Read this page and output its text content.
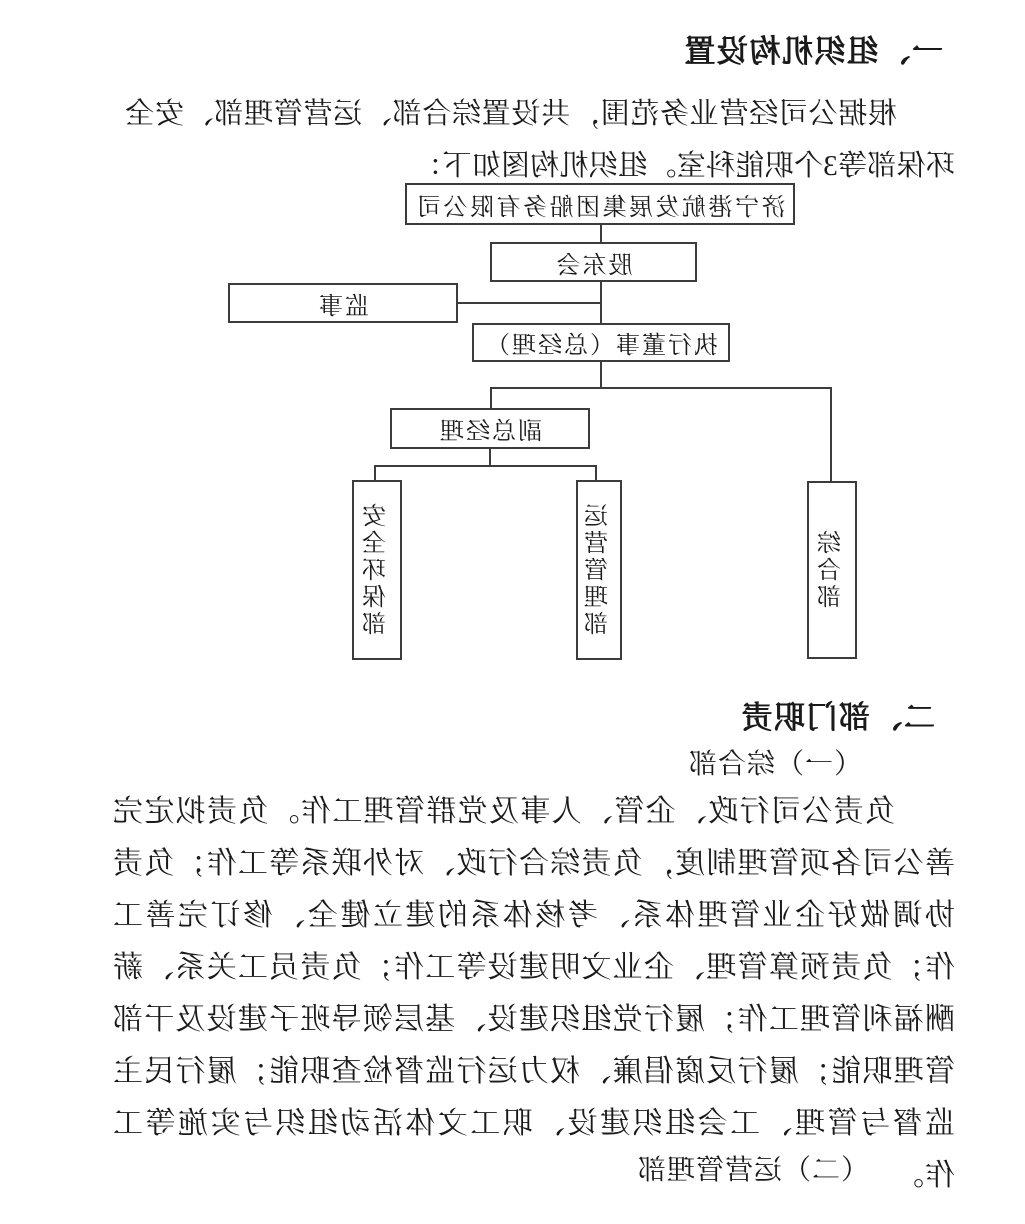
一、组织机构设置
根据公司经营业务范围，共设置综合部、运营管理部、安全环保部等3个职能科室。组织机构图如下：
济宁港航发展集团船务有限公司
股东会
监事
执行董事（总经理）
副总经理
综合部
运营管理部
安全环保部
二、部门职责
（一）综合部
负责公司行政、企管、人事及党群管理工作。负责拟定完善公司各项管理制度，负责综合行政、对外联系等工作；负责协调做好企业管理体系、考核体系的建立健全、修订完善工作；负责预算管理、企业文明建设等工作；负责员工关系、薪酬福利管理工作；履行党组织建设、基层领导班子建设及干部管理职能；履行反腐倡廉、权力运行监督检查职能；履行民主监督与管理、工会组织建设、职工文体活动组织与实施等工作。
（二）运营管理部
